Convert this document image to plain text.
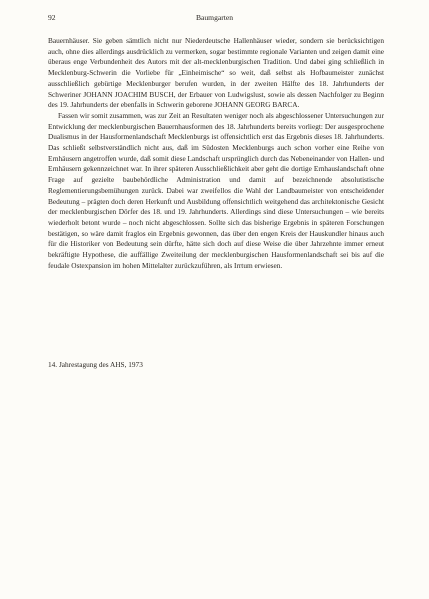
92	Baumgarten

Bauernhäuser. Sie geben sämtlich nicht nur Niederdeutsche Hallenhäuser wieder, sondern sie berücksichtigen auch, ohne dies allerdings ausdrücklich zu vermerken, sogar bestimmte regionale Varianten und zeigen damit eine überaus enge Verbundenheit des Autors mit der alt-mecklenburgischen Tradition. Und dabei ging schließlich in Mecklenburg-Schwerin die Vorliebe für „Einheimische“ so weit, daß selbst als Hofbaumeister zunächst ausschließlich gebürtige Mecklenburger berufen wurden, in der zweiten Hälfte des 18. Jahrhunderts der Schweriner JOHANN JOACHIM BUSCH, der Erbauer von Ludwigslust, sowie als dessen Nachfolger zu Beginn des 19. Jahrhunderts der ebenfalls in Schwerin geborene JOHANN GEORG BARCA.

Fassen wir somit zusammen, was zur Zeit an Resultaten weniger noch als abgeschlossener Untersuchungen zur Entwicklung der mecklenburgischen Bauernhausformen des 18. Jahrhunderts bereits vorliegt: Der ausgesprochene Dualismus in der Hausformenlandschaft Mecklenburgs ist offensichtlich erst das Ergebnis dieses 18. Jahrhunderts. Das schließt selbstverständlich nicht aus, daß im Südosten Mecklenburgs auch schon vorher eine Reihe von Ernhäusern angetroffen wurde, daß somit diese Landschaft ursprünglich durch das Nebeneinander von Hallen- und Ernhäusern gekennzeichnet war. In ihrer späteren Ausschließlichkeit aber geht die dortige Ernhauslandschaft ohne Frage auf gezielte baubehördliche Administration und damit auf bezeichnende absolutistische Reglementierungsbemühungen zurück. Dabei war zweifellos die Wahl der Landbaumeister von entscheidender Bedeutung – prägten doch deren Herkunft und Ausbildung offensichtlich weitgehend das architektonische Gesicht der mecklenburgischen Dörfer des 18. und 19. Jahrhunderts. Allerdings sind diese Untersuchungen – wie bereits wiederholt betont wurde – noch nicht abgeschlossen. Sollte sich das bisherige Ergebnis in späteren Forschungen bestätigen, so wäre damit fraglos ein Ergebnis gewonnen, das über den engen Kreis der Hauskundler hinaus auch für die Historiker von Bedeutung sein dürfte, hätte sich doch auf diese Weise die über Jahrzehnte immer erneut bekräftigte Hypothese, die auffällige Zweiteilung der mecklenburgischen Hausformenlandschaft sei bis auf die feudale Ostexpansion im hohen Mittelalter zurückzuführen, als Irrtum erwiesen.

14. Jahrestagung des AHS, 1973
